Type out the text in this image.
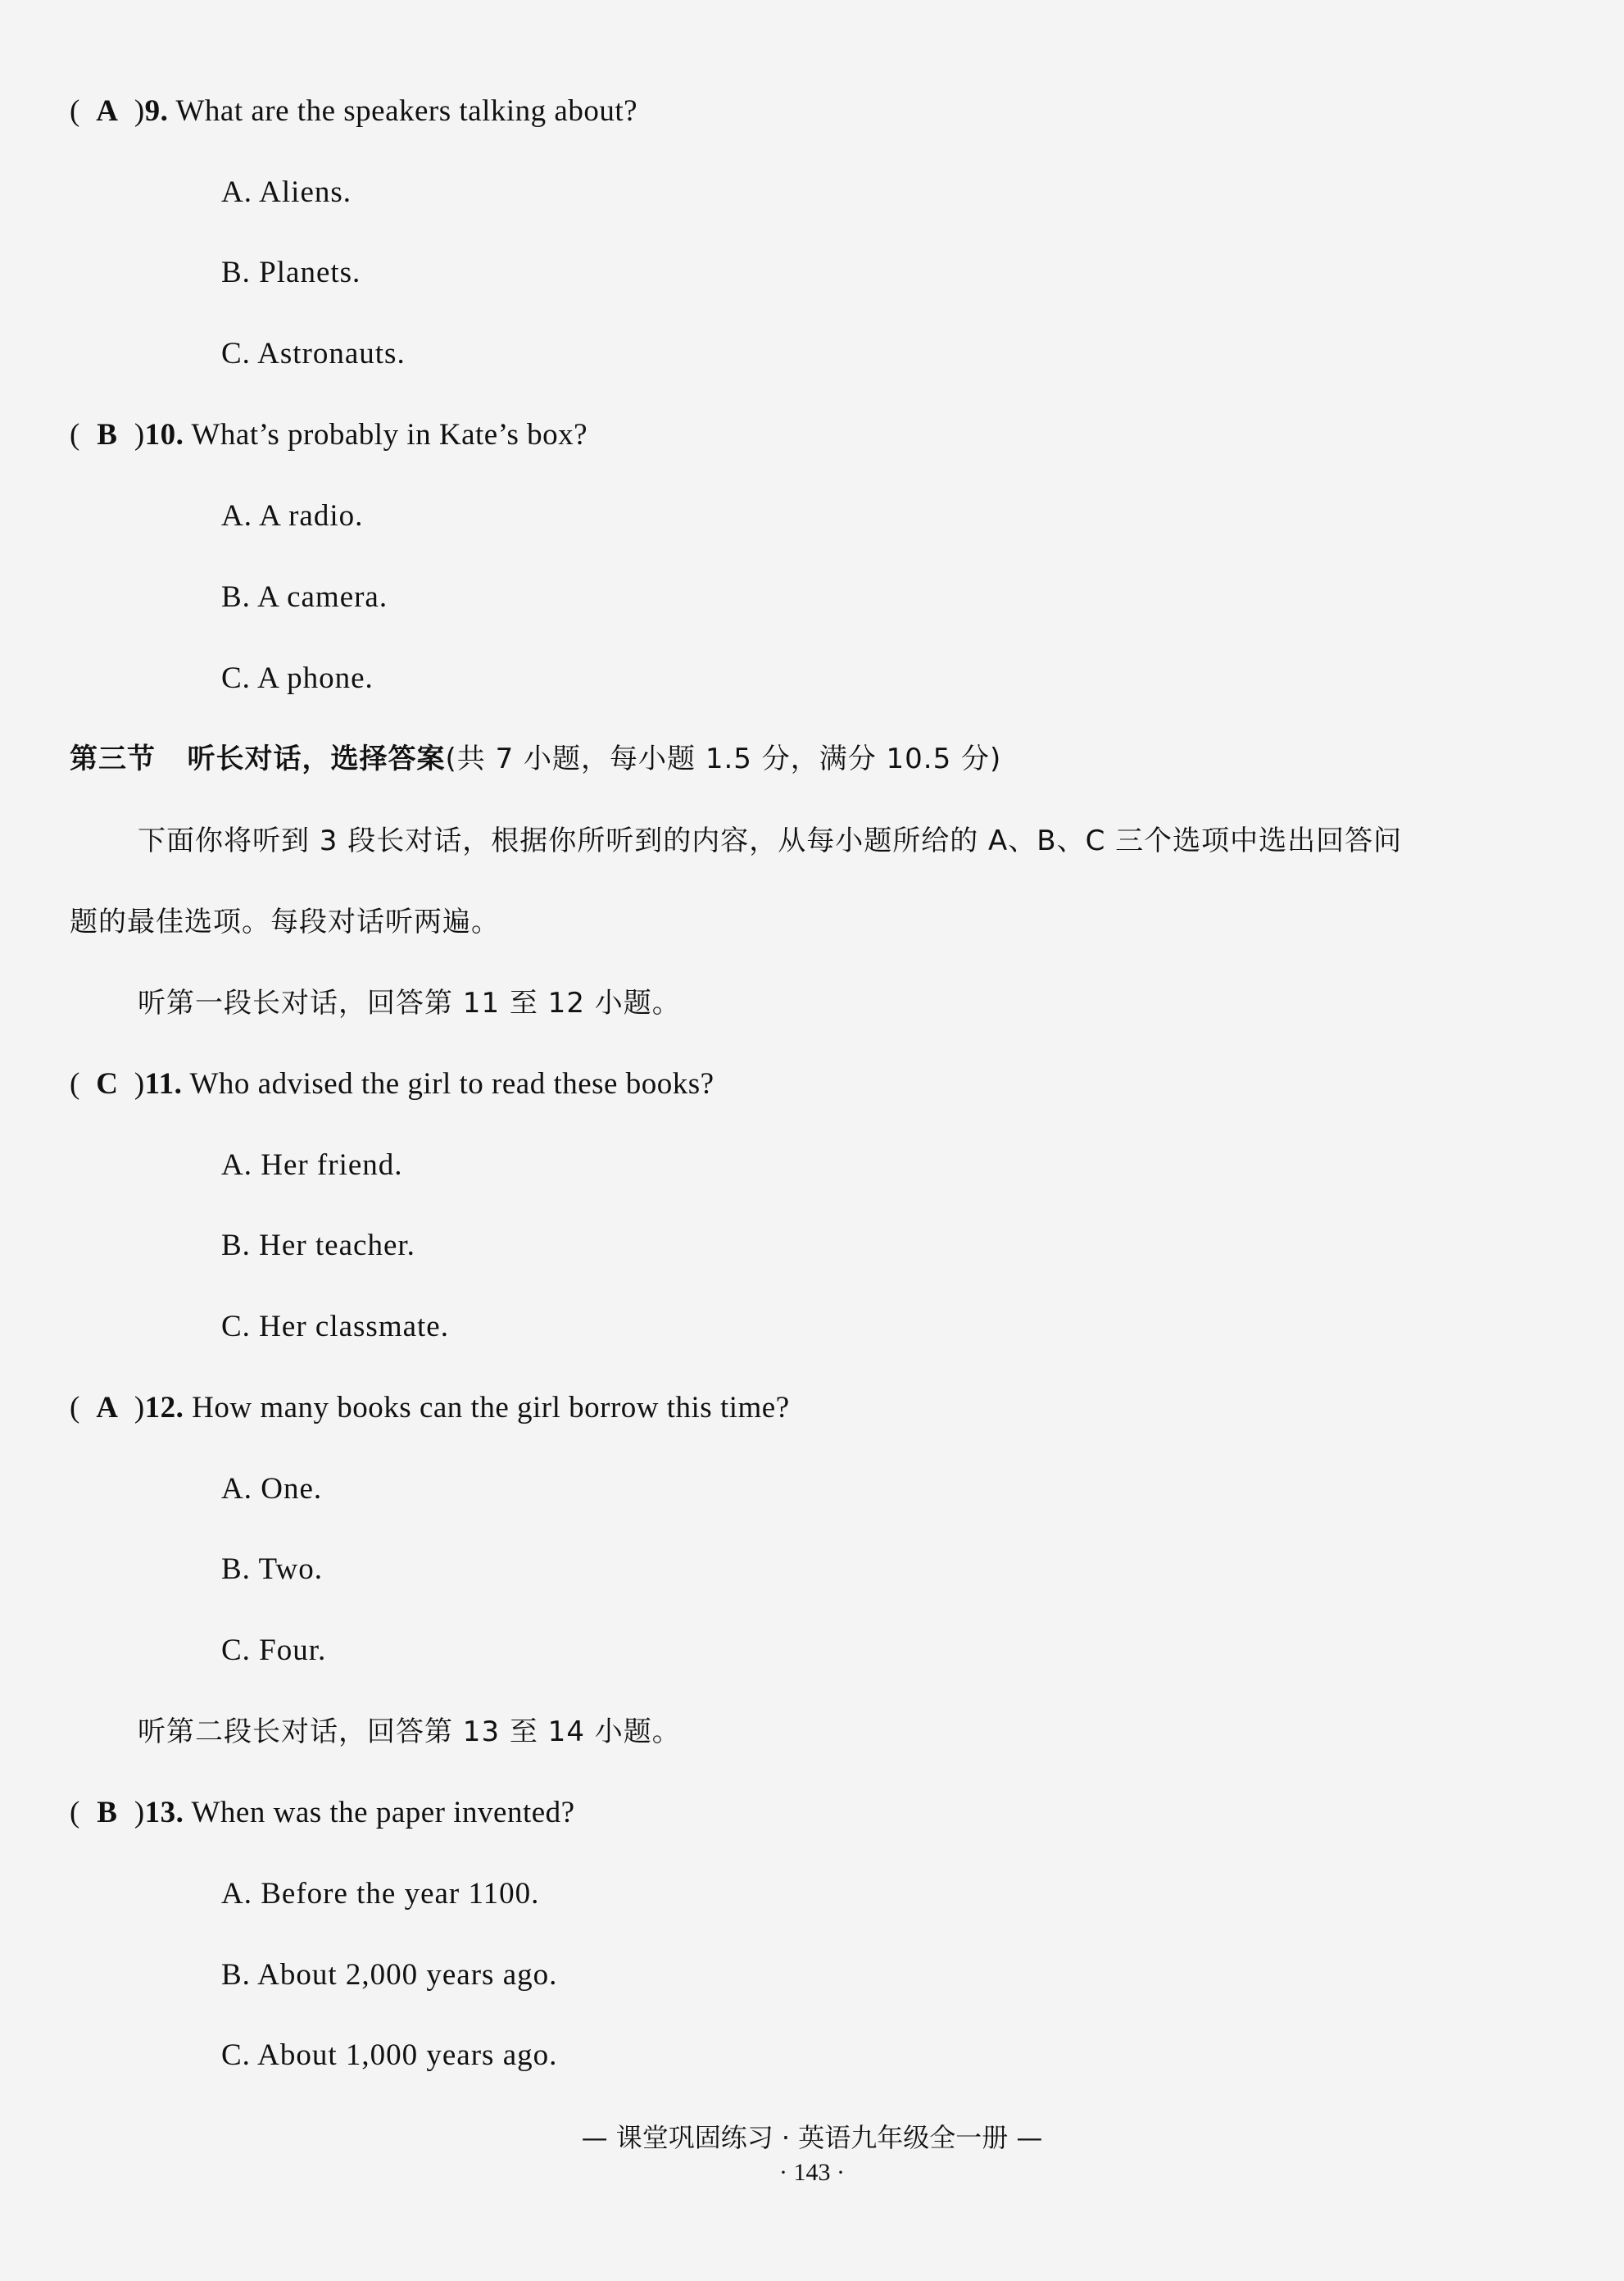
( A )9. What are the speakers talking about?
A. Aliens.
B. Planets.
C. Astronauts.
( B )10. What’s probably in Kate’s box?
A. A radio.
B. A camera.
C. A phone.
第三节 听长对话，选择答案(共 7 小题，每小题 1.5 分，满分 10.5 分)
下面你将听到 3 段长对话，根据你所听到的内容，从每小题所给的 A、B、C 三个选项中选出回答问
题的最佳选项。每段对话听两遍。
听第一段长对话，回答第 11 至 12 小题。
( C )11. Who advised the girl to read these books?
A. Her friend.
B. Her teacher.
C. Her classmate.
( A )12. How many books can the girl borrow this time?
A. One.
B. Two.
C. Four.
听第二段长对话，回答第 13 至 14 小题。
( B )13. When was the paper invented?
A. Before the year 1100.
B. About 2,000 years ago.
C. About 1,000 years ago.
— 课堂巩固练习 · 英语九年级全一册 —
· 143 ·
